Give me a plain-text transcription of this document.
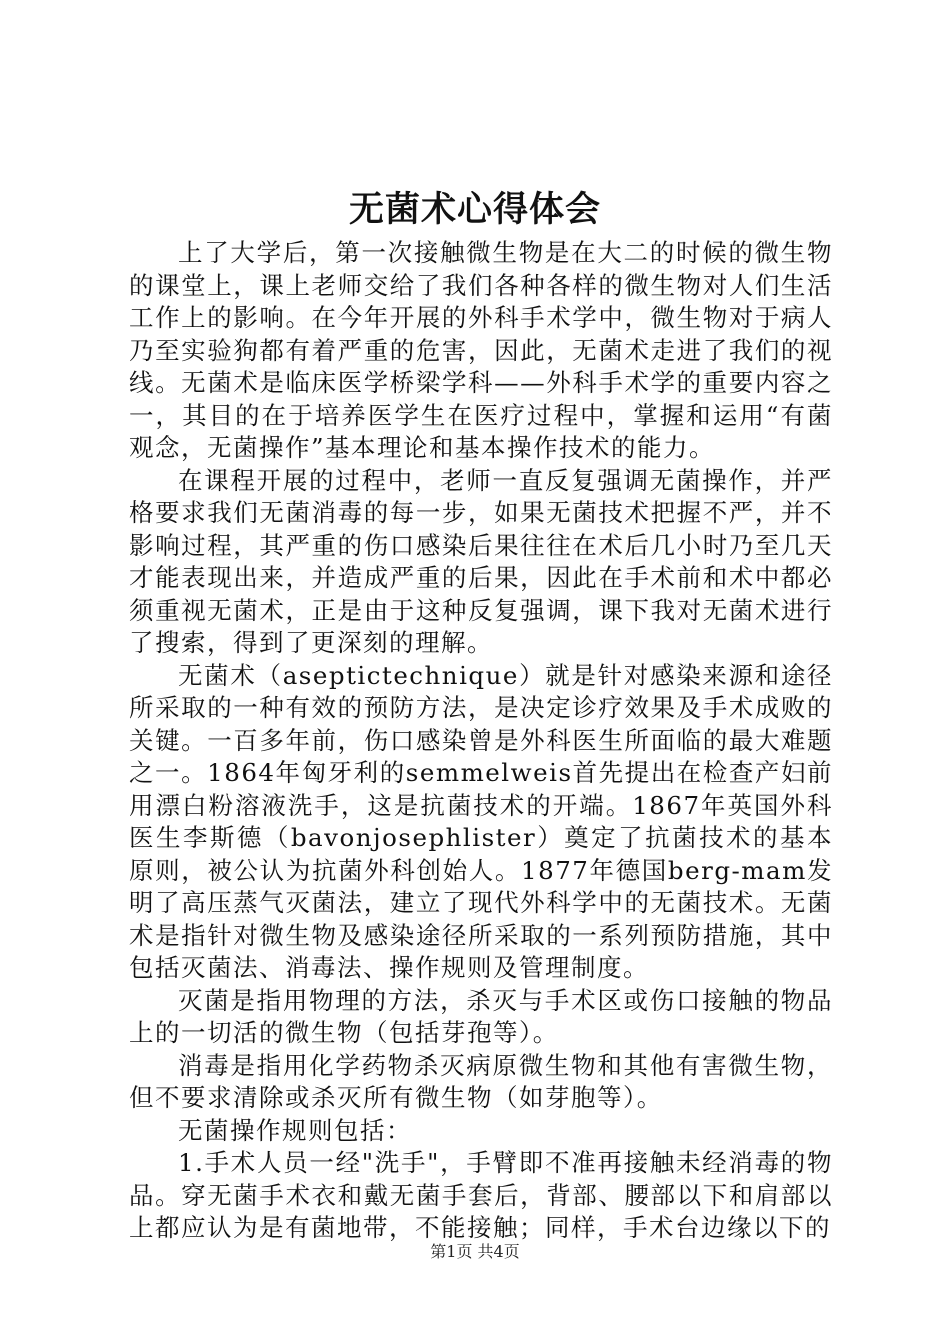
无菌术心得体会

上了大学后，第一次接触微生物是在大二的时候的微生物的课堂上，课上老师交给了我们各种各样的微生物对人们生活工作上的影响。在今年开展的外科手术学中，微生物对于病人乃至实验狗都有着严重的危害，因此，无菌术走进了我们的视线。无菌术是临床医学桥梁学科——外科手术学的重要内容之一，其目的在于培养医学生在医疗过程中，掌握和运用“有菌观念，无菌操作”基本理论和基本操作技术的能力。

在课程开展的过程中，老师一直反复强调无菌操作，并严格要求我们无菌消毒的每一步，如果无菌技术把握不严，并不影响过程，其严重的伤口感染后果往往在术后几小时乃至几天才能表现出来，并造成严重的后果，因此在手术前和术中都必须重视无菌术，正是由于这种反复强调，课下我对无菌术进行了搜索，得到了更深刻的理解。

无菌术（aseptictechnique）就是针对感染来源和途径所采取的一种有效的预防方法，是决定诊疗效果及手术成败的关键。一百多年前，伤口感染曾是外科医生所面临的最大难题之一。1864年匈牙利的semmelweis首先提出在检查产妇前用漂白粉溶液洗手，这是抗菌技术的开端。1867年英国外科医生李斯德（bavonjosephlister）奠定了抗菌技术的基本原则，被公认为抗菌外科创始人。1877年德国berg-mam发明了高压蒸气灭菌法，建立了现代外科学中的无菌技术。无菌术是指针对微生物及感染途径所采取的一系列预防措施，其中包括灭菌法、消毒法、操作规则及管理制度。

灭菌是指用物理的方法，杀灭与手术区或伤口接触的物品上的一切活的微生物（包括芽孢等）。

消毒是指用化学药物杀灭病原微生物和其他有害微生物，但不要求清除或杀灭所有微生物（如芽胞等）。

无菌操作规则包括：

1.手术人员一经"洗手"，手臂即不准再接触未经消毒的物品。穿无菌手术衣和戴无菌手套后，背部、腰部以下和肩部以上都应认为是有菌地带，不能接触；同样，手术台边缘以下的

第1页 共4页
